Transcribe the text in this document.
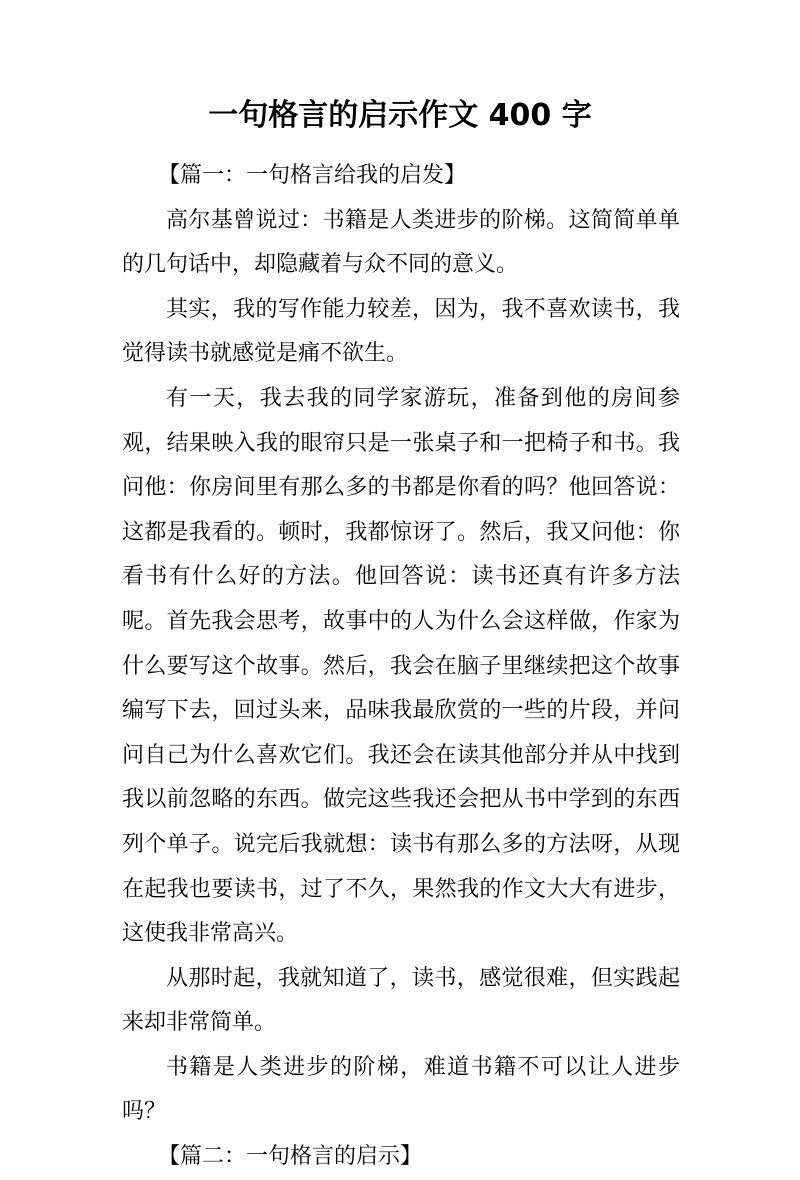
一句格言的启示作文 400 字

【篇一：一句格言给我的启发】

高尔基曾说过：书籍是人类进步的阶梯。这简简单单的几句话中，却隐藏着与众不同的意义。

其实，我的写作能力较差，因为，我不喜欢读书，我觉得读书就感觉是痛不欲生。

有一天，我去我的同学家游玩，准备到他的房间参观，结果映入我的眼帘只是一张桌子和一把椅子和书。我问他：你房间里有那么多的书都是你看的吗？他回答说：这都是我看的。顿时，我都惊讶了。然后，我又问他：你看书有什么好的方法。他回答说：读书还真有许多方法呢。首先我会思考，故事中的人为什么会这样做，作家为什么要写这个故事。然后，我会在脑子里继续把这个故事编写下去，回过头来，品味我最欣赏的一些的片段，并问问自己为什么喜欢它们。我还会在读其他部分并从中找到我以前忽略的东西。做完这些我还会把从书中学到的东西列个单子。说完后我就想：读书有那么多的方法呀，从现在起我也要读书，过了不久，果然我的作文大大有进步，这使我非常高兴。

从那时起，我就知道了，读书，感觉很难，但实践起来却非常简单。

书籍是人类进步的阶梯，难道书籍不可以让人进步吗？

【篇二：一句格言的启示】
